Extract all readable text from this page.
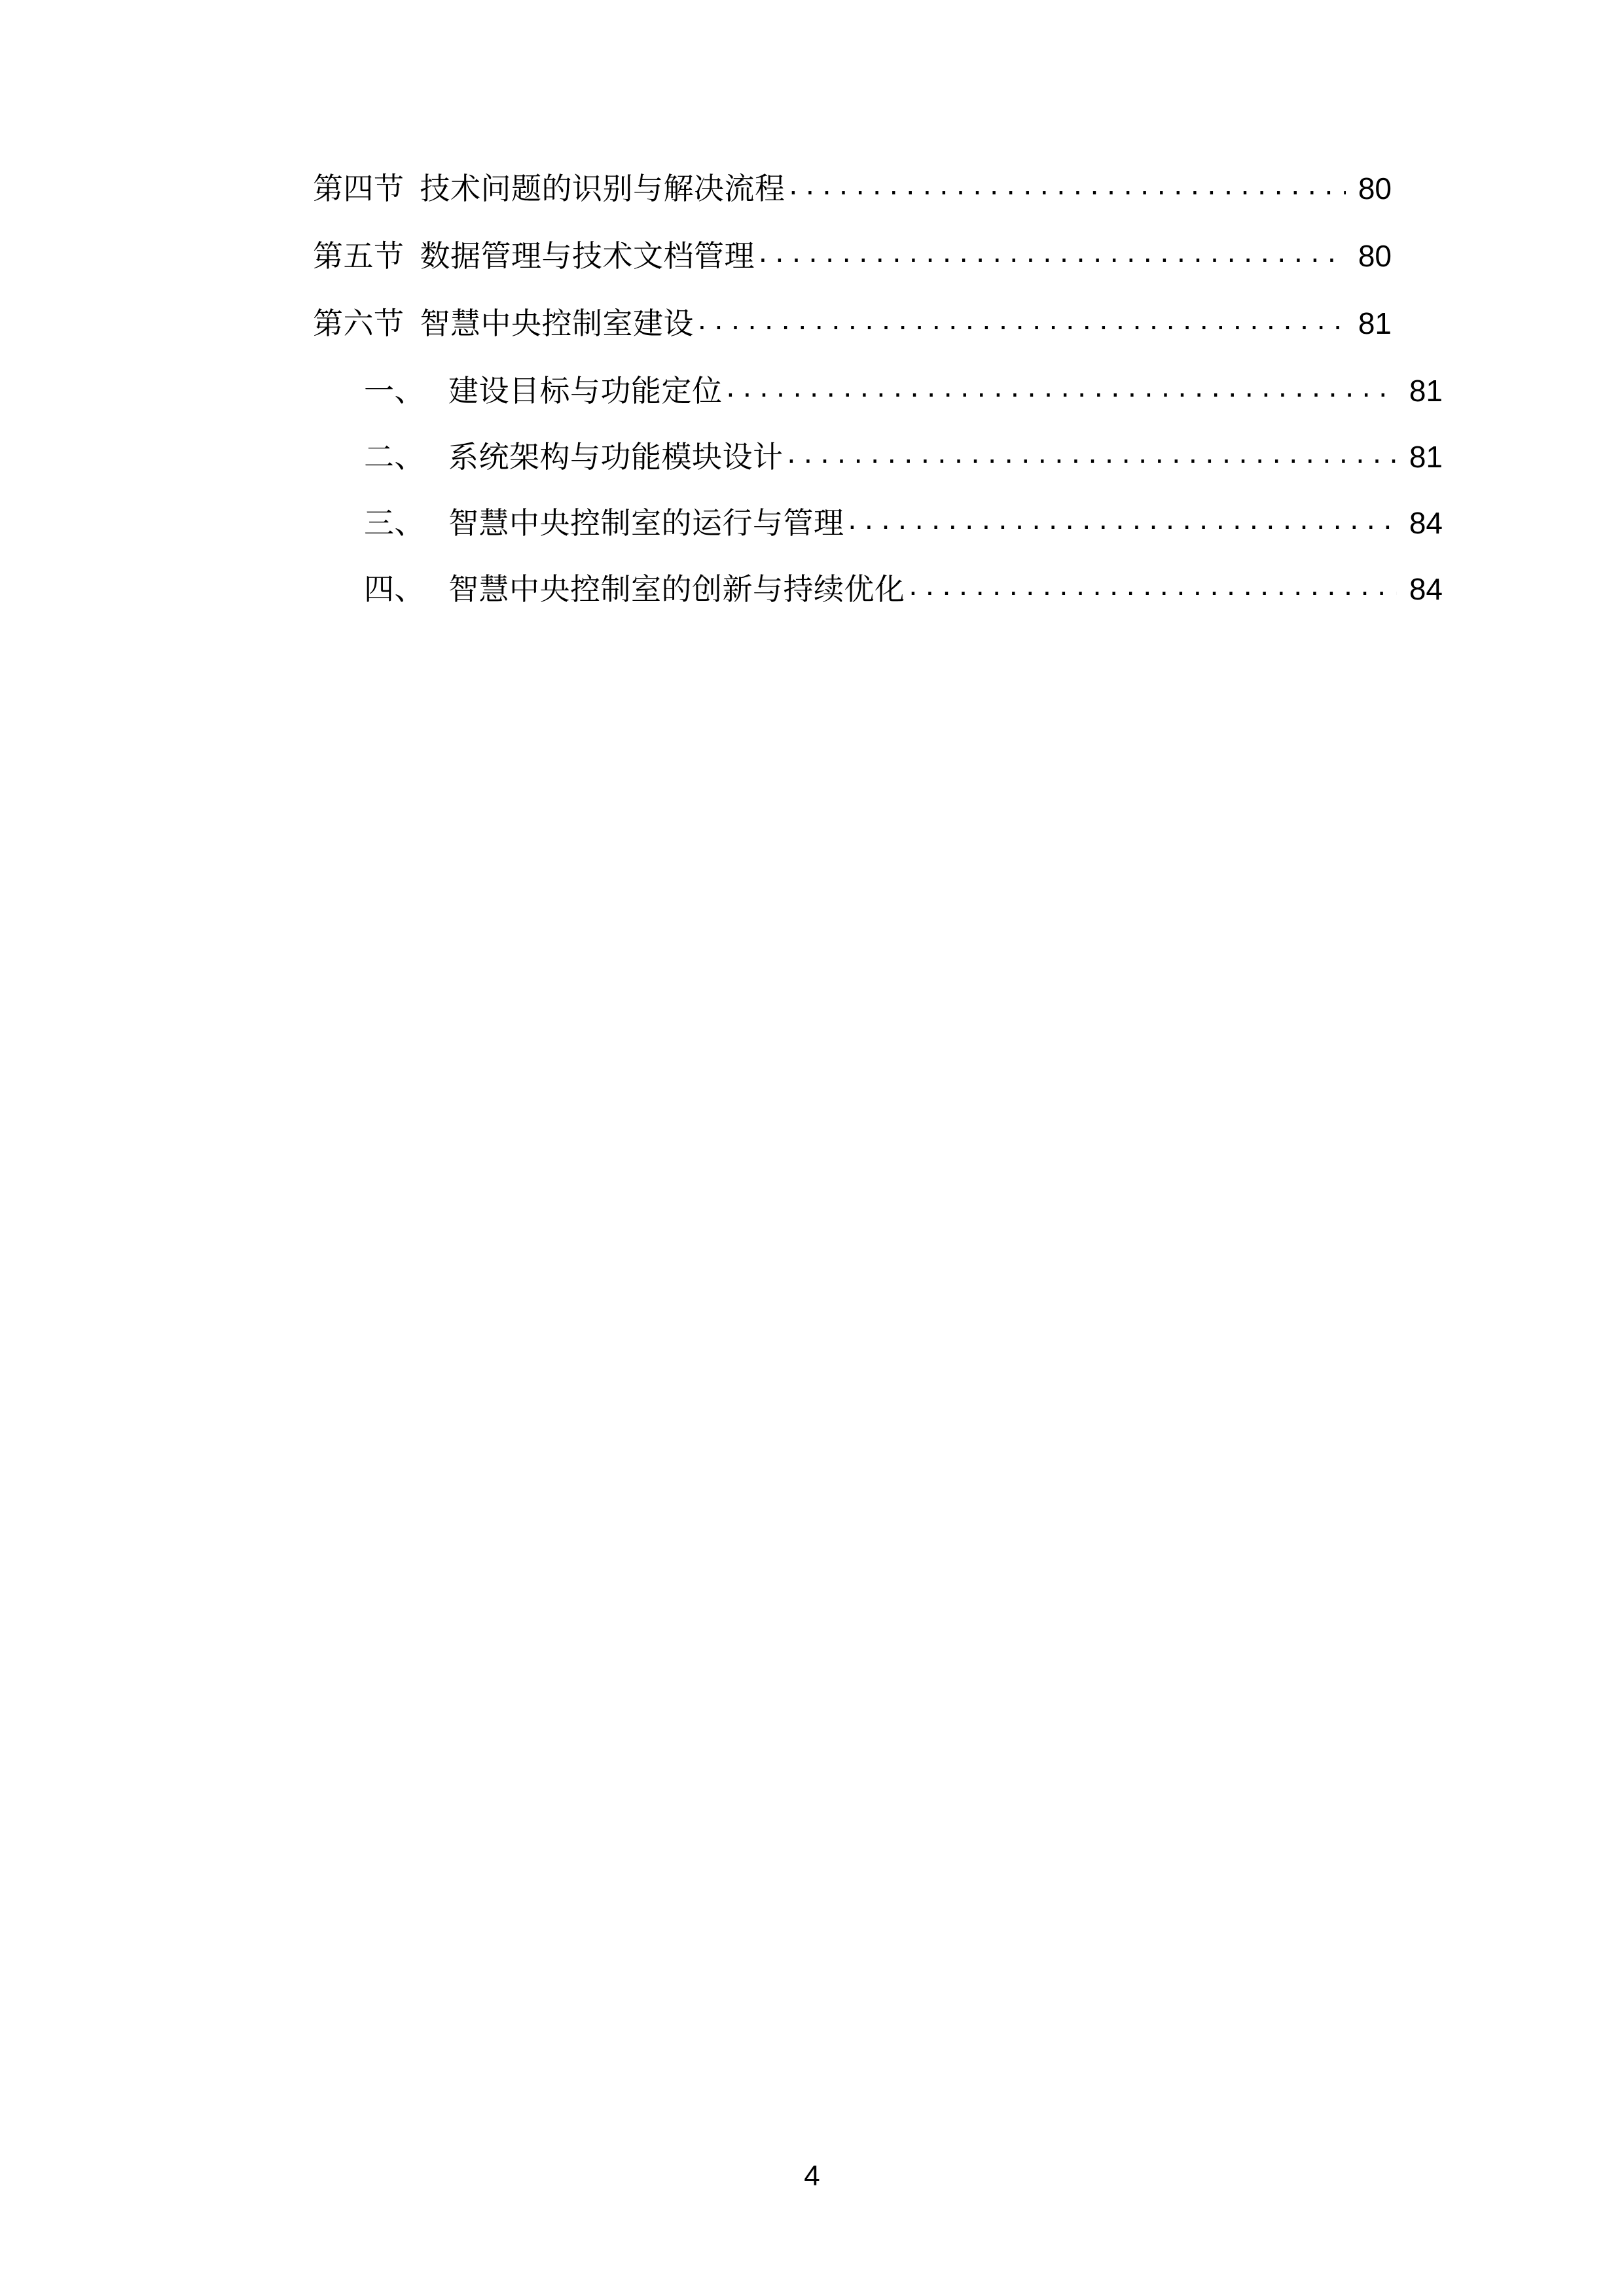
第四节 技术问题的识别与解决流程 . . .	80
第五节 数据管理与技术文档管理 . . .	80
第六节 智慧中央控制室建设 . . .	81
一、 建设目标与功能定位 . . .	81
二、 系统架构与功能模块设计 . . .	81
三、 智慧中央控制室的运行与管理 . . .	84
四、 智慧中央控制室的创新与持续优化 . . .	84
4
